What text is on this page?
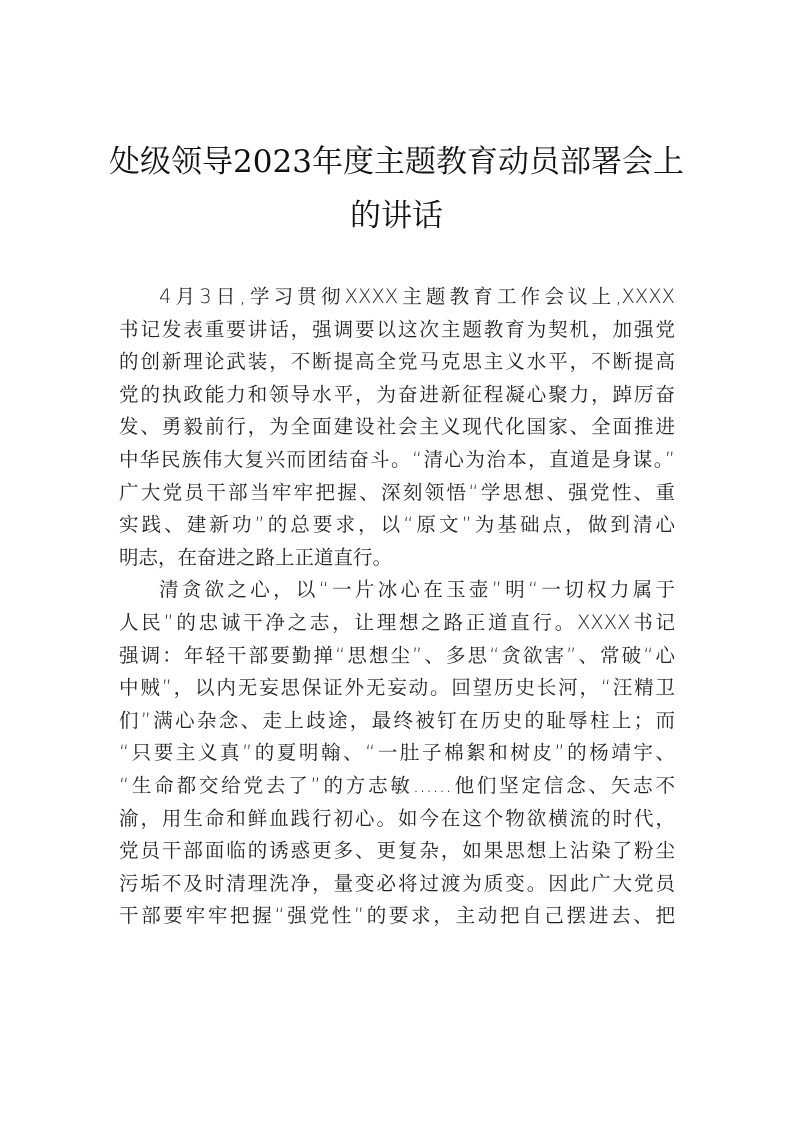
处级领导2023年度主题教育动员部署会上
的讲话
4月3日,学习贯彻XXXX主题教育工作会议上,XXXX
书记发表重要讲话，强调要以这次主题教育为契机，加强党
的创新理论武装，不断提高全党马克思主义水平，不断提高
党的执政能力和领导水平，为奋进新征程凝心聚力，踔厉奋
发、勇毅前行，为全面建设社会主义现代化国家、全面推进
中华民族伟大复兴而团结奋斗。“清心为治本，直道是身谋。”
广大党员干部当牢牢把握、深刻领悟“学思想、强党性、重
实践、建新功”的总要求，以“原文”为基础点，做到清心
明志，在奋进之路上正道直行。
清贪欲之心，以“一片冰心在玉壶”明“一切权力属于
人民”的忠诚干净之志，让理想之路正道直行。XXXX书记
强调：年轻干部要勤掸“思想尘”、多思“贪欲害”、常破“心
中贼”，以内无妄思保证外无妄动。回望历史长河，“汪精卫
们”满心杂念、走上歧途，最终被钉在历史的耻辱柱上；而
“只要主义真”的夏明翰、“一肚子棉絮和树皮”的杨靖宇、
“生命都交给党去了”的方志敏……他们坚定信念、矢志不
渝，用生命和鲜血践行初心。如今在这个物欲横流的时代，
党员干部面临的诱惑更多、更复杂，如果思想上沾染了粉尘
污垢不及时清理洗净，量变必将过渡为质变。因此广大党员
干部要牢牢把握“强党性”的要求，主动把自己摆进去、把
